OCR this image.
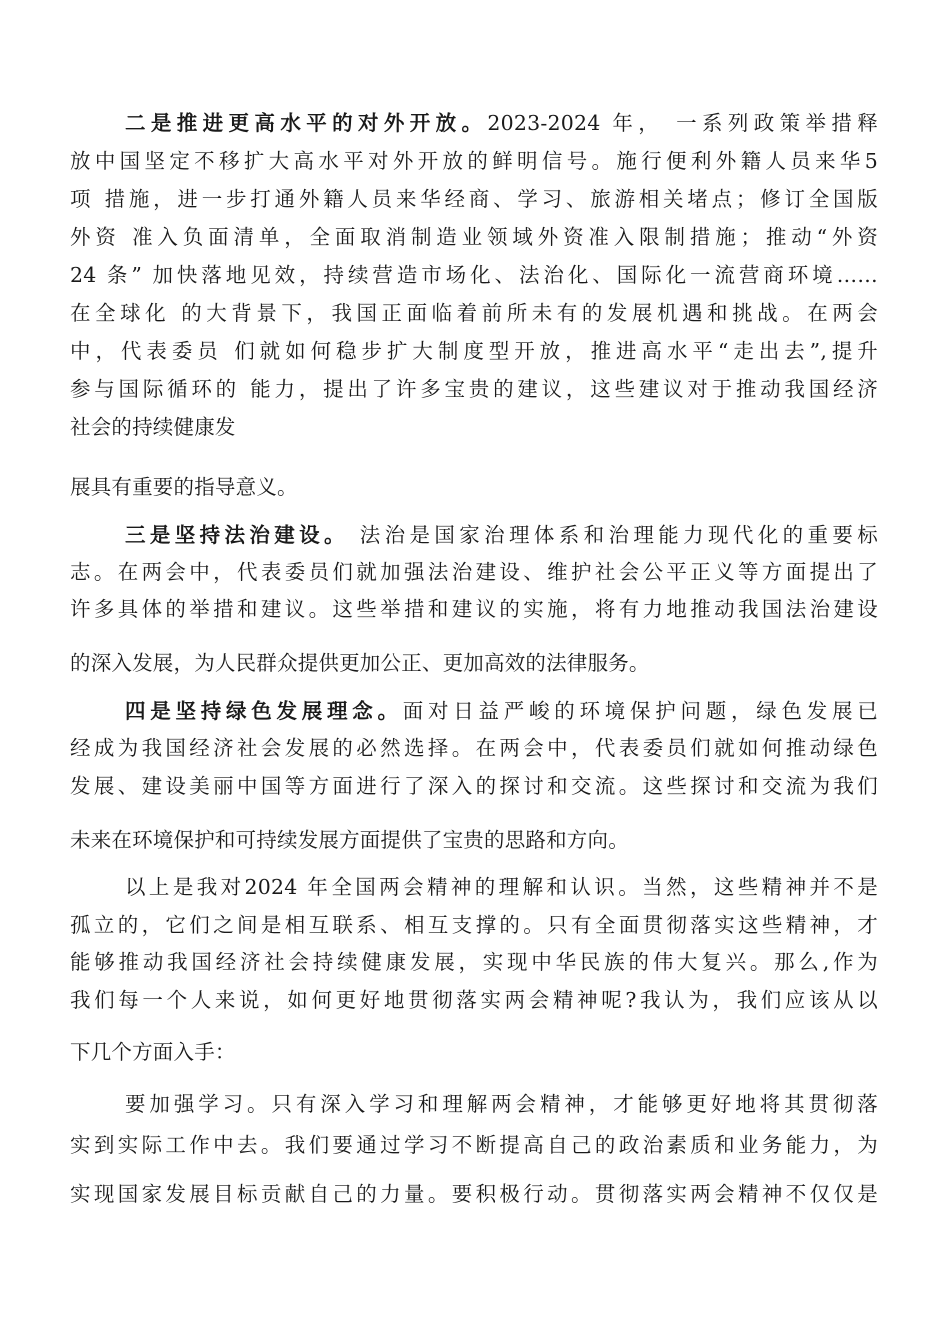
二是推进更高水平的对外开放。2023-2024 年， 一系列政策举措释
放中国坚定不移扩大高水平对外开放的鲜明信号。施行便利外籍人员来华5
项 措施，进一步打通外籍人员来华经商、学习、旅游相关堵点；修订全国版
外资 准入负面清单，全面取消制造业领域外资准入限制措施；推动“外资
24 条” 加快落地见效，持续营造市场化、法治化、国际化一流营商环境……
在全球化 的大背景下，我国正面临着前所未有的发展机遇和挑战。在两会
中，代表委员 们就如何稳步扩大制度型开放，推进高水平“走出去”,提升
参与国际循环的 能力，提出了许多宝贵的建议，这些建议对于推动我国经济
社会的持续健康发
展具有重要的指导意义。
三是坚持法治建设。 法治是国家治理体系和治理能力现代化的重要标
志。在两会中，代表委员们就加强法治建设、维护社会公平正义等方面提出了
许多具体的举措和建议。这些举措和建议的实施，将有力地推动我国法治建设
的深入发展，为人民群众提供更加公正、更加高效的法律服务。
四是坚持绿色发展理念。面对日益严峻的环境保护问题，绿色发展已
经成为我国经济社会发展的必然选择。在两会中，代表委员们就如何推动绿色
发展、建设美丽中国等方面进行了深入的探讨和交流。这些探讨和交流为我们
未来在环境保护和可持续发展方面提供了宝贵的思路和方向。
以上是我对2024 年全国两会精神的理解和认识。当然，这些精神并不是
孤立的，它们之间是相互联系、相互支撑的。只有全面贯彻落实这些精神，才
能够推动我国经济社会持续健康发展，实现中华民族的伟大复兴。那么,作为
我们每一个人来说，如何更好地贯彻落实两会精神呢?我认为，我们应该从以
下几个方面入手：
要加强学习。只有深入学习和理解两会精神，才能够更好地将其贯彻落
实到实际工作中去。我们要通过学习不断提高自己的政治素质和业务能力，为
实现国家发展目标贡献自己的力量。要积极行动。贯彻落实两会精神不仅仅是
